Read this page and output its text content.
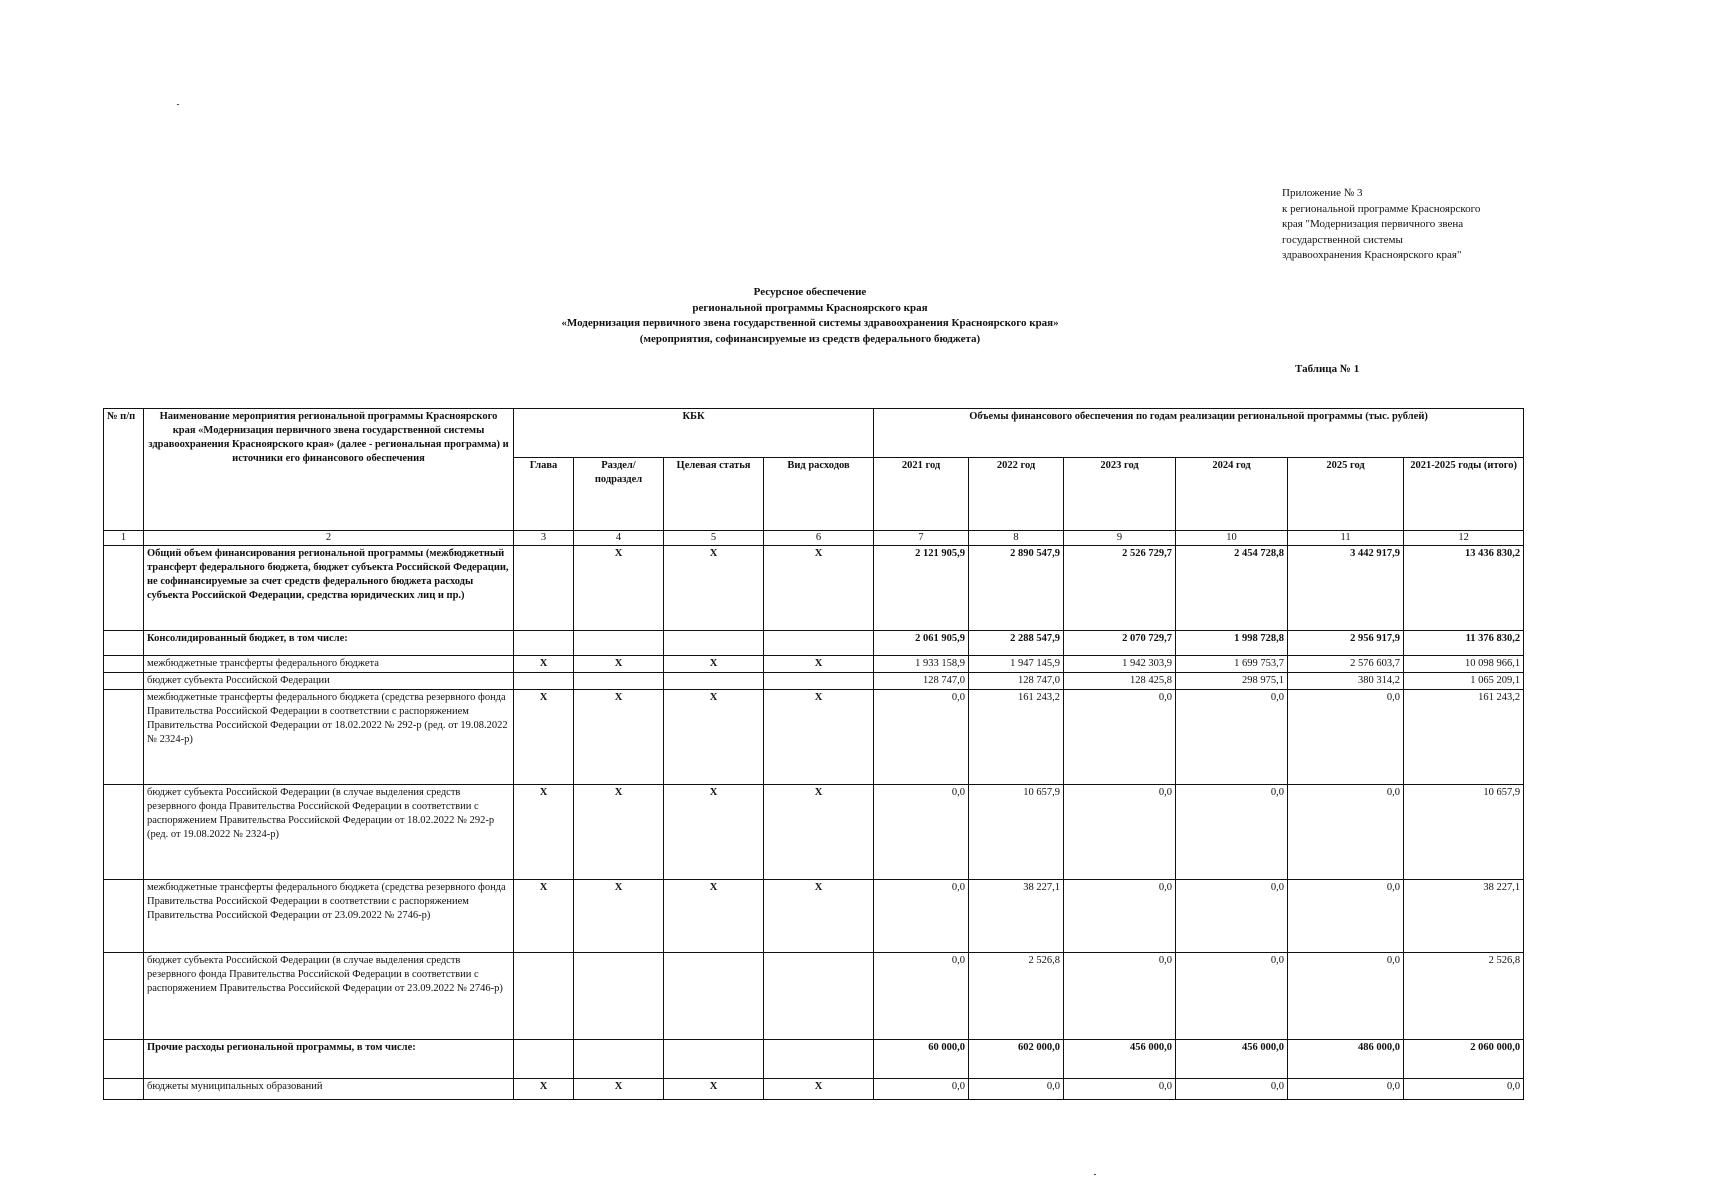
Приложение № 3
к региональной программе Красноярского
края "Модернизация первичного звена
государственной системы
здравоохранения Красноярского края"
Ресурсное обеспечение
региональной программы Красноярского края
«Модернизация первичного звена государственной системы здравоохранения Красноярского края»
(мероприятия, софинансируемые из средств федерального бюджета)
Таблица № 1
№ п/п	Наименование мероприятия региональной программы Красноярского края «Модернизация первичного звена государственной системы здравоохранения Красноярского края» (далее - региональная программа) и источники его финансового обеспечения	КБК				Объемы финансового обеспечения по годам реализации региональной программы (тыс. рублей)					
		Глава	Раздел/ подраздел	Целевая статья	Вид расходов	2021 год	2022 год	2023 год	2024 год	2025 год	2021-2025 годы (итого)
1	2	3	4	5	6	7	8	9	10	11	12
	Общий объем финансирования региональной программы (межбюджетный трансферт федерального бюджета, бюджет субъекта Российской Федерации, не софинансируемые за счет средств федерального бюджета расходы субъекта Российской Федерации, средства юридических лиц и пр.)		X	X	X	2 121 905,9	2 890 547,9	2 526 729,7	2 454 728,8	3 442 917,9	13 436 830,2
	Консолидированный бюджет, в том числе:					2 061 905,9	2 288 547,9	2 070 729,7	1 998 728,8	2 956 917,9	11 376 830,2
	межбюджетные трансферты федерального бюджета	X	X	X	X	1 933 158,9	1 947 145,9	1 942 303,9	1 699 753,7	2 576 603,7	10 098 966,1
	бюджет субъекта Российской Федерации					128 747,0	128 747,0	128 425,8	298 975,1	380 314,2	1 065 209,1
	межбюджетные трансферты федерального бюджета (средства резервного фонда Правительства Российской Федерации в соответствии с распоряжением Правительства Российской Федерации от 18.02.2022 № 292-р (ред. от 19.08.2022 № 2324-р)	X	X	X	X	0,0	161 243,2	0,0	0,0	0,0	161 243,2
	бюджет субъекта Российской Федерации (в случае выделения средств резервного фонда Правительства Российской Федерации в соответствии с распоряжением Правительства Российской Федерации от 18.02.2022 № 292-р (ред. от 19.08.2022 № 2324-р)	X	X	X	X	0,0	10 657,9	0,0	0,0	0,0	10 657,9
	межбюджетные трансферты федерального бюджета (средства резервного фонда Правительства Российской Федерации в соответствии с распоряжением Правительства Российской Федерации от 23.09.2022 № 2746-р)	X	X	X	X	0,0	38 227,1	0,0	0,0	0,0	38 227,1
	бюджет субъекта Российской Федерации (в случае выделения средств резервного фонда Правительства Российской Федерации в соответствии с распоряжением Правительства Российской Федерации от 23.09.2022 № 2746-р)					0,0	2 526,8	0,0	0,0	0,0	2 526,8
	Прочие расходы региональной программы, в том числе:					60 000,0	602 000,0	456 000,0	456 000,0	486 000,0	2 060 000,0
	бюджеты муниципальных образований	X	X	X	X	0,0	0,0	0,0	0,0	0,0	0,0
